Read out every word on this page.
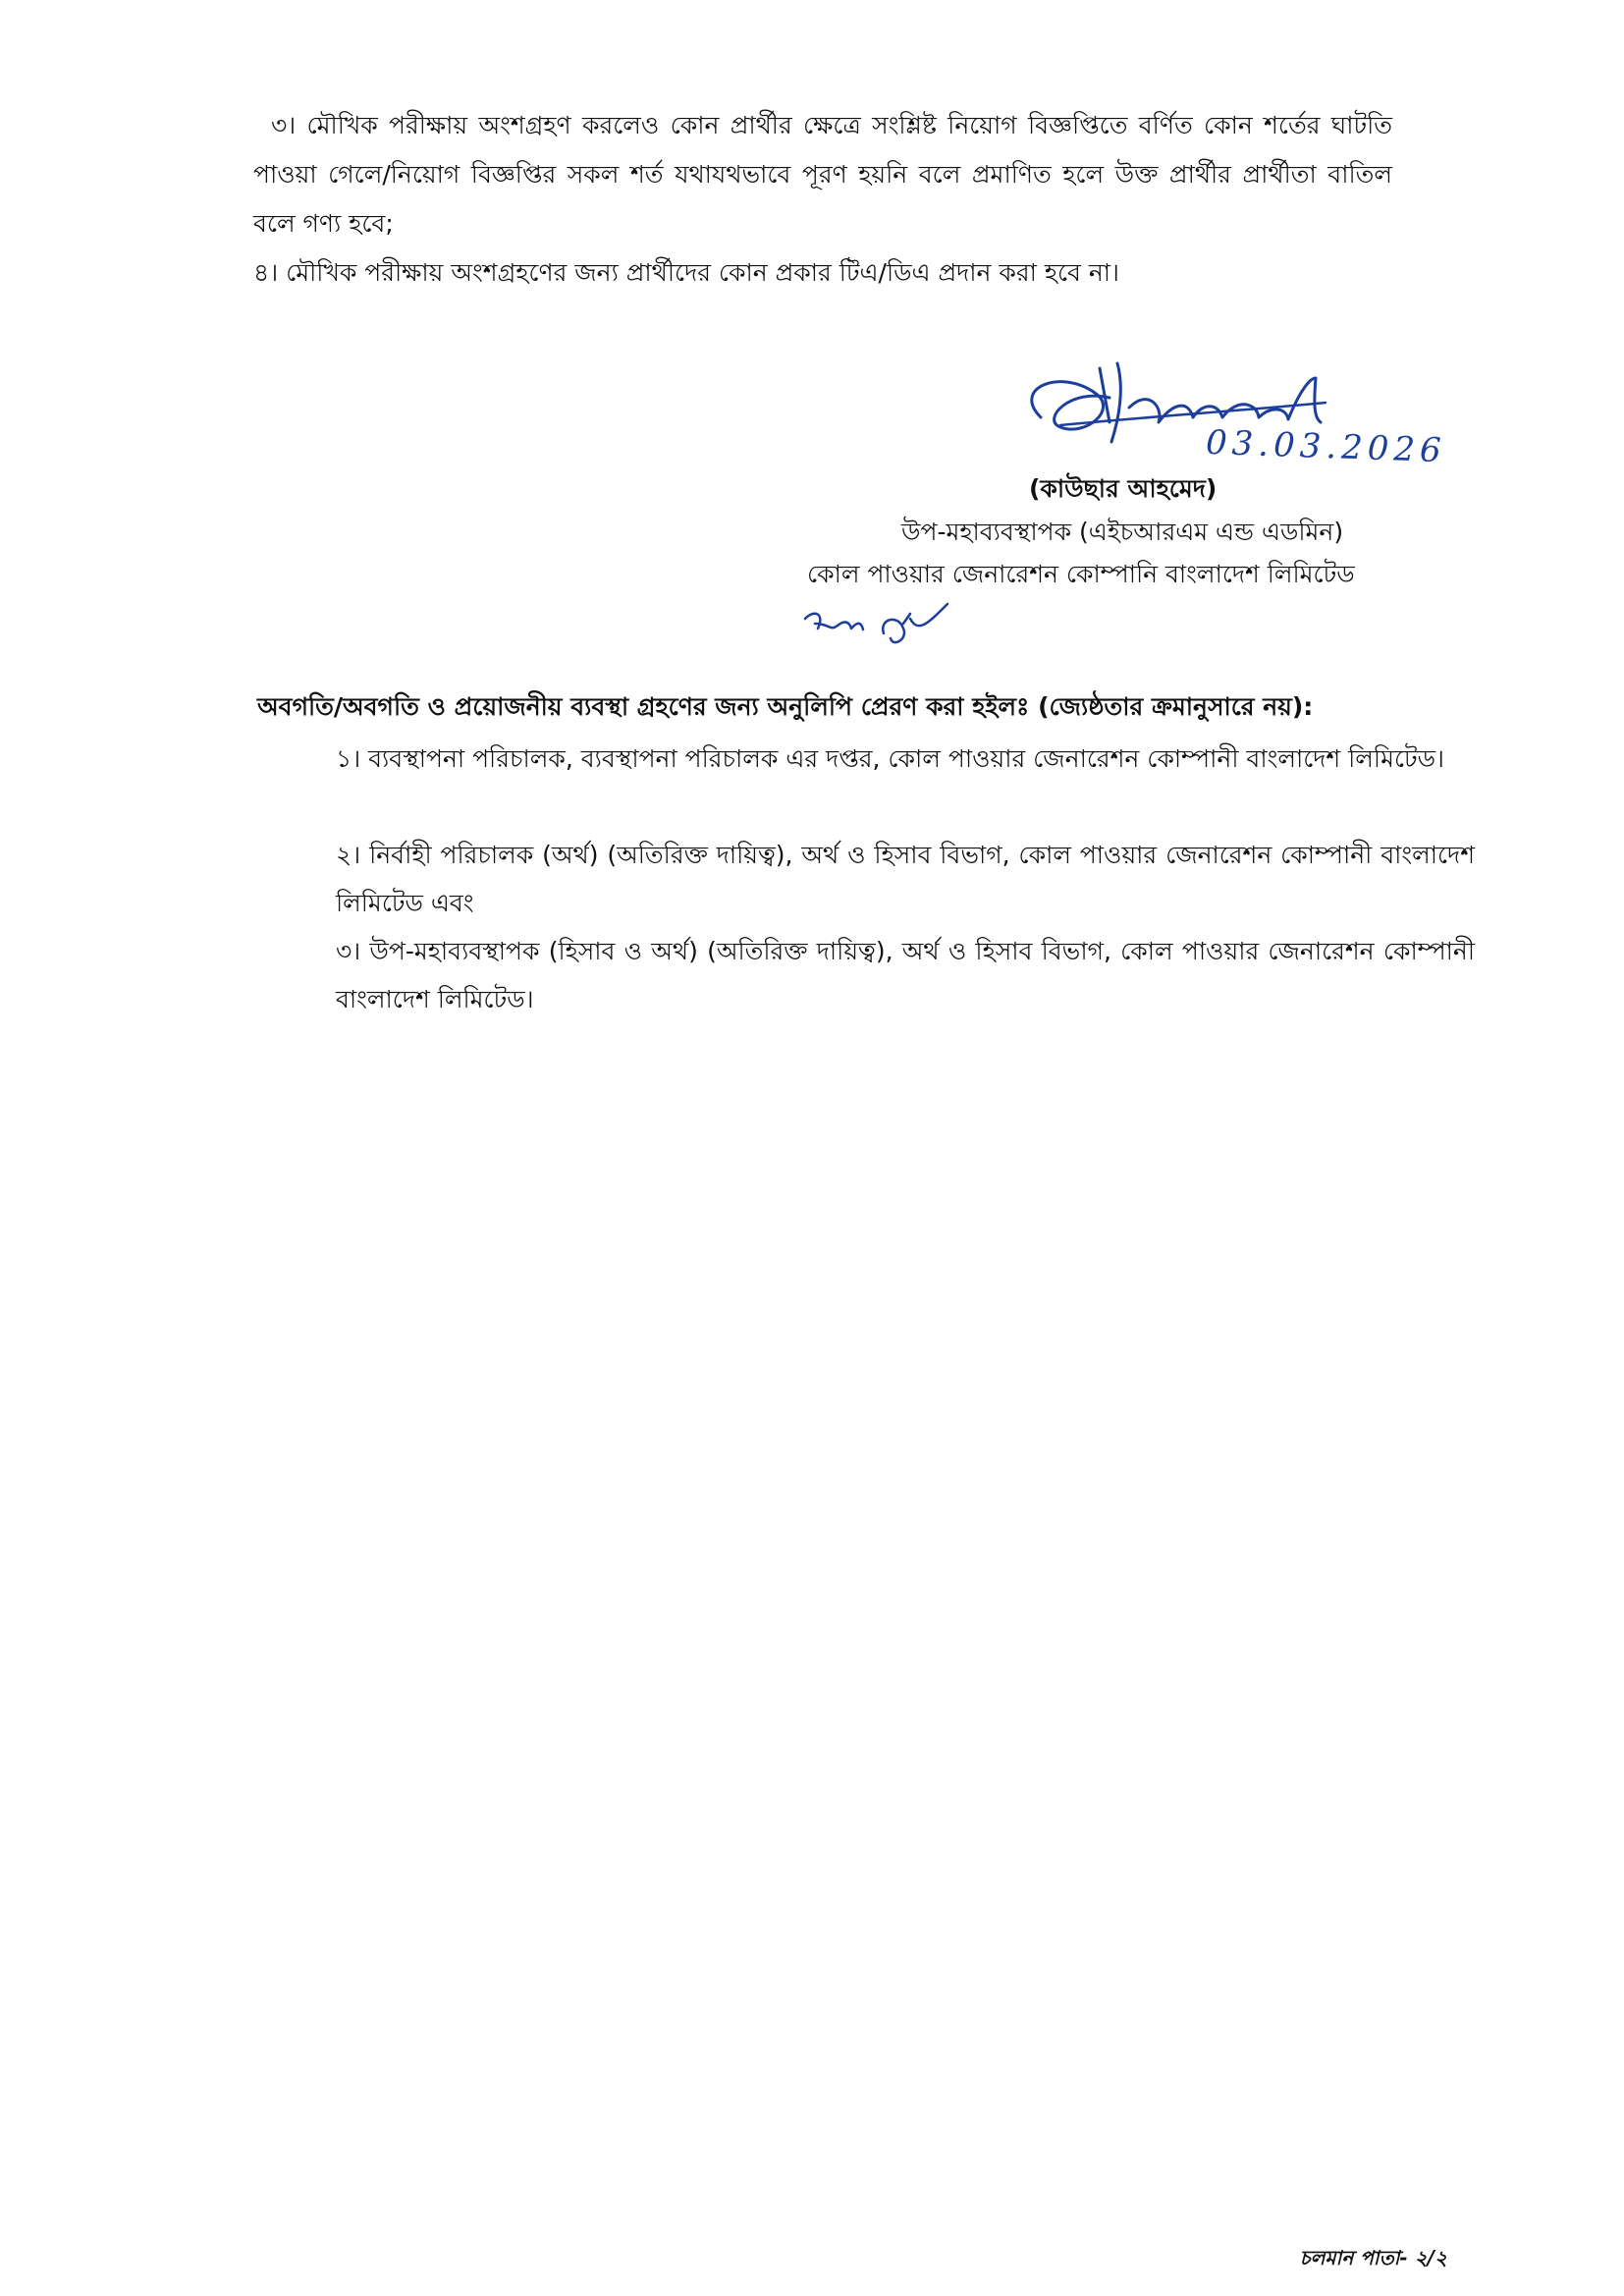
৩। মৌখিক পরীক্ষায় অংশগ্রহণ করলেও কোন প্রার্থীর ক্ষেত্রে সংশ্লিষ্ট নিয়োগ বিজ্ঞপ্তিতে বর্ণিত কোন শর্তের ঘাটতি পাওয়া গেলে/নিয়োগ বিজ্ঞপ্তির সকল শর্ত যথাযথভাবে পূরণ হয়নি বলে প্রমাণিত হলে উক্ত প্রার্থীর প্রার্থীতা বাতিল বলে গণ্য হবে;
৪। মৌখিক পরীক্ষায় অংশগ্রহণের জন্য প্রার্থীদের কোন প্রকার টিএ/ডিএ প্রদান করা হবে না।
03.03.2026
(কাউছার আহমেদ)
উপ-মহাব্যবস্থাপক (এইচআরএম এন্ড এডমিন)
কোল পাওয়ার জেনারেশন কোম্পানি বাংলাদেশ লিমিটেড
অবগতি/অবগতি ও প্রয়োজনীয় ব্যবস্থা গ্রহণের জন্য অনুলিপি প্রেরণ করা হইলঃ (জ্যেষ্ঠতার ক্রমানুসারে নয়):
১। ব্যবস্থাপনা পরিচালক, ব্যবস্থাপনা পরিচালক এর দপ্তর, কোল পাওয়ার জেনারেশন কোম্পানী বাংলাদেশ লিমিটেড।
২। নির্বাহী পরিচালক (অর্থ) (অতিরিক্ত দায়িত্ব), অর্থ ও হিসাব বিভাগ, কোল পাওয়ার জেনারেশন কোম্পানী বাংলাদেশ লিমিটেড এবং
৩। উপ-মহাব্যবস্থাপক (হিসাব ও অর্থ) (অতিরিক্ত দায়িত্ব), অর্থ ও হিসাব বিভাগ, কোল পাওয়ার জেনারেশন কোম্পানী বাংলাদেশ লিমিটেড।
চলমান পাতা- ২/২
